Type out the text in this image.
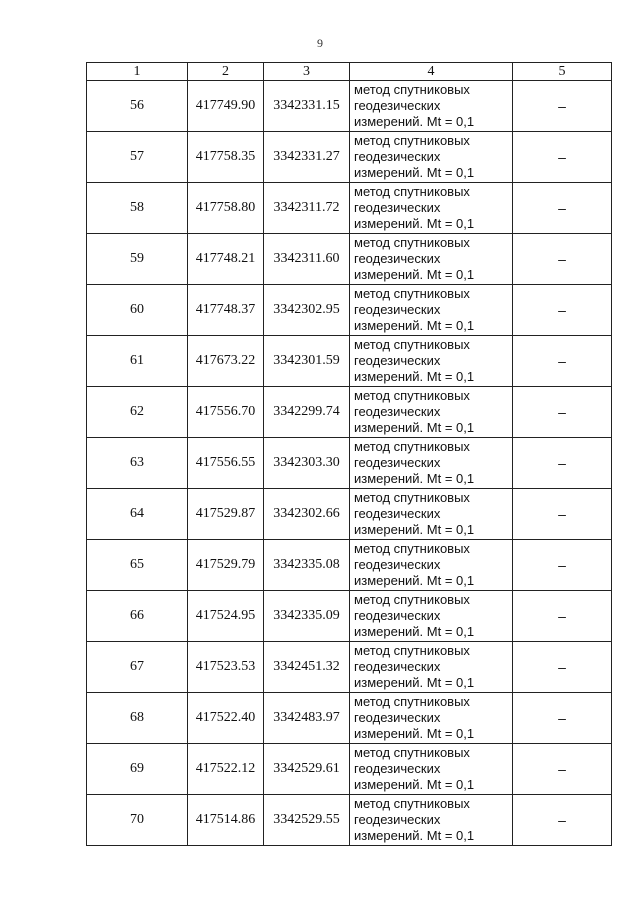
9
1	2	3	4	5
56	417749.90	3342331.15	метод спутниковых
геодезических
измерений. Mt = 0,1	–
57	417758.35	3342331.27	метод спутниковых
геодезических
измерений. Mt = 0,1	–
58	417758.80	3342311.72	метод спутниковых
геодезических
измерений. Mt = 0,1	–
59	417748.21	3342311.60	метод спутниковых
геодезических
измерений. Mt = 0,1	–
60	417748.37	3342302.95	метод спутниковых
геодезических
измерений. Mt = 0,1	–
61	417673.22	3342301.59	метод спутниковых
геодезических
измерений. Mt = 0,1	–
62	417556.70	3342299.74	метод спутниковых
геодезических
измерений. Mt = 0,1	–
63	417556.55	3342303.30	метод спутниковых
геодезических
измерений. Mt = 0,1	–
64	417529.87	3342302.66	метод спутниковых
геодезических
измерений. Mt = 0,1	–
65	417529.79	3342335.08	метод спутниковых
геодезических
измерений. Mt = 0,1	–
66	417524.95	3342335.09	метод спутниковых
геодезических
измерений. Mt = 0,1	–
67	417523.53	3342451.32	метод спутниковых
геодезических
измерений. Mt = 0,1	–
68	417522.40	3342483.97	метод спутниковых
геодезических
измерений. Mt = 0,1	–
69	417522.12	3342529.61	метод спутниковых
геодезических
измерений. Mt = 0,1	–
70	417514.86	3342529.55	метод спутниковых
геодезических
измерений. Mt = 0,1	–
